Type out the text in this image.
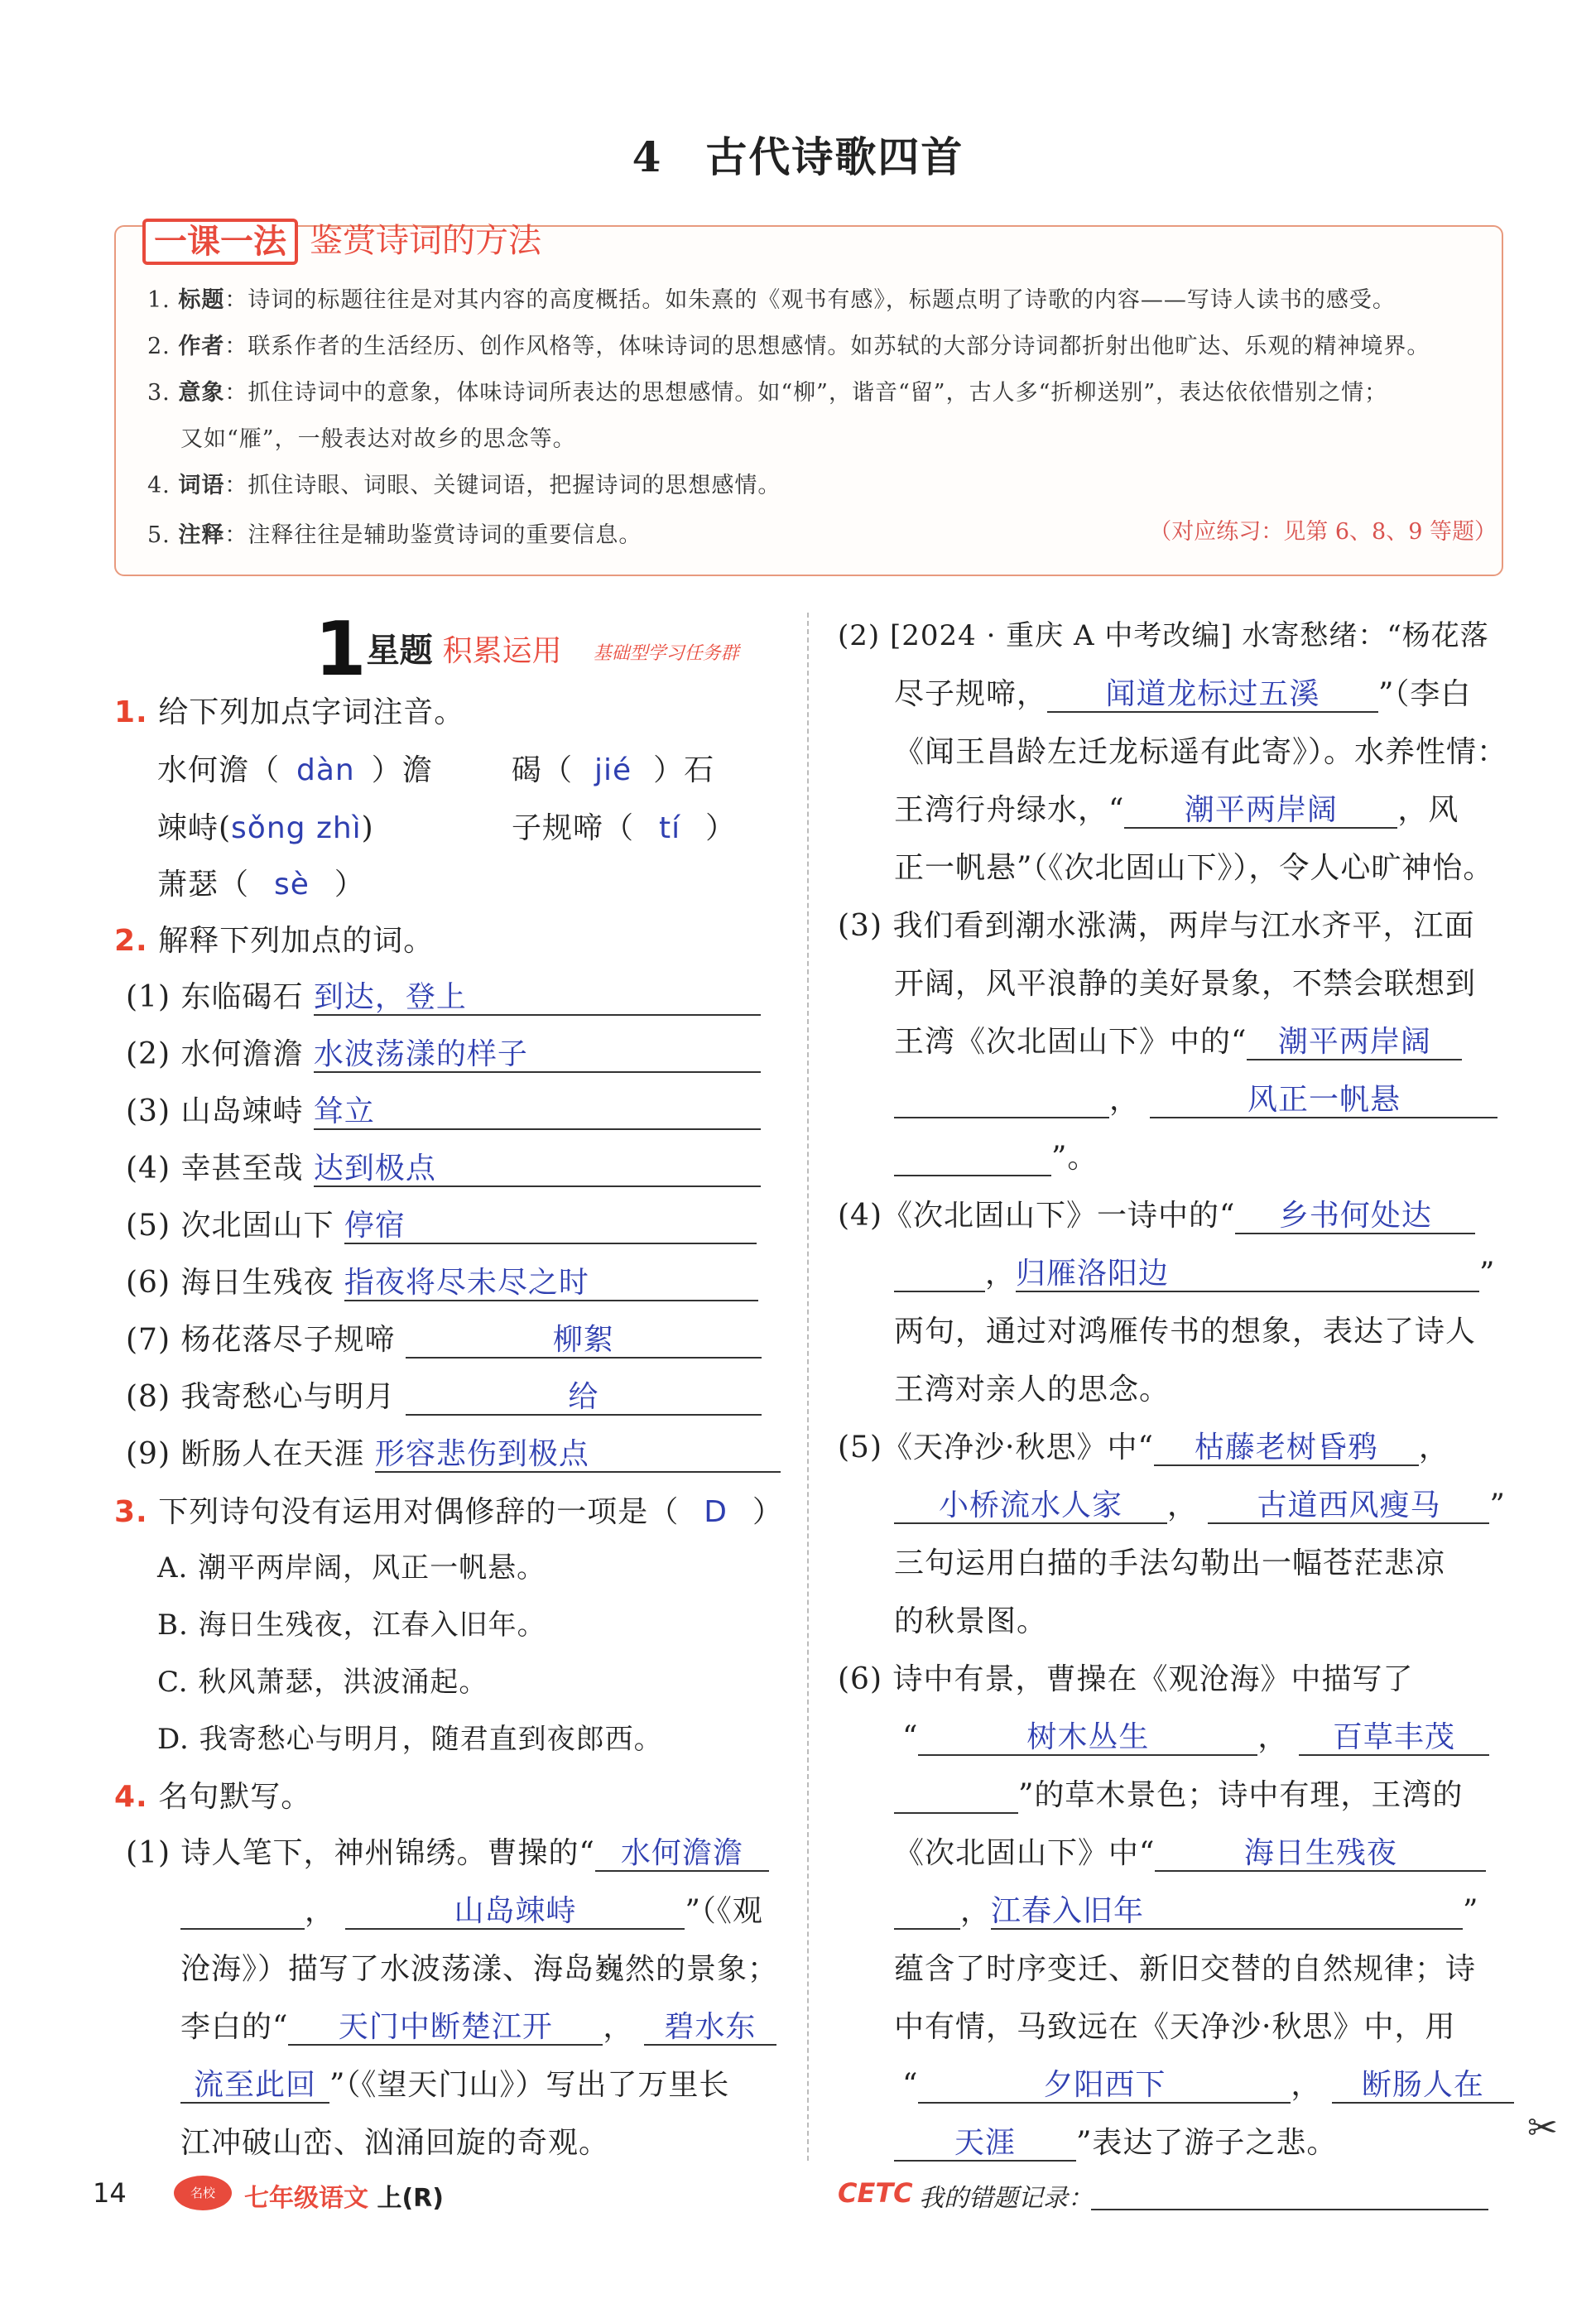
4　古代诗歌四首
一课一法 鉴赏诗词的方法
1. 标题：诗词的标题往往是对其内容的高度概括。如朱熹的《观书有感》，标题点明了诗歌的内容——写诗人读书的感受。
2. 作者：联系作者的生活经历、创作风格等，体味诗词的思想感情。如苏轼的大部分诗词都折射出他旷达、乐观的精神境界。
3. 意象：抓住诗词中的意象，体味诗词所表达的思想感情。如“柳”，谐音“留”，古人多“折柳送别”，表达依依惜别之情；
又如“雁”，一般表达对故乡的思念等。
4. 词语：抓住诗眼、词眼、关键词语，把握诗词的思想感情。
5. 注释：注释往往是辅助鉴赏诗词的重要信息。	（对应练习：见第 6、8、9 等题）
1星题 积累运用 基础型学习任务群
1. 给下列加点字词注音。
水何澹（ dàn ）澹	碣（ jié ）石
竦峙(sǒng zhì)	子规啼（ tí ）
萧瑟（ sè ）
2. 解释下列加点的词。
(1) 东临碣石 到达，登上
(2) 水何澹澹 水波荡漾的样子
(3) 山岛竦峙 耸立
(4) 幸甚至哉 达到极点
(5) 次北固山下 停宿
(6) 海日生残夜 指夜将尽未尽之时
(7) 杨花落尽子规啼	柳絮
(8) 我寄愁心与明月	给
(9) 断肠人在天涯 形容悲伤到极点
3. 下列诗句没有运用对偶修辞的一项是（ D ）
A. 潮平两岸阔，风正一帆悬。
B. 海日生残夜，江春入旧年。
C. 秋风萧瑟，洪波涌起。
D. 我寄愁心与明月，随君直到夜郎西。
4. 名句默写。
(1) 诗人笔下，神州锦绣。曹操的“ 水何澹澹
，	山岛竦峙	”（《观
沧海》）描写了水波荡漾、海岛巍然的景象；
李白的“ 天门中断楚江开 ， 碧水东
流至此回 ”（《望天门山》）写出了万里长
江冲破山峦、汹涌回旋的奇观。
(2) [2024 · 重庆 A 中考改编] 水寄愁绪：“杨花落
尽子规啼， 闻道龙标过五溪 ”（李白
《闻王昌龄左迁龙标遥有此寄》）。水养性情：
王湾行舟绿水，“ 潮平两岸阔 ，风
正一帆悬”（《次北固山下》），令人心旷神怡。
(3) 我们看到潮水涨满，两岸与江水齐平，江面
开阔，风平浪静的美好景象，不禁会联想到
王湾《次北固山下》中的“ 潮平两岸阔
，	风正一帆悬
”。
(4)《次北固山下》一诗中的“ 乡书何处达
，归雁洛阳边	”
两句，通过对鸿雁传书的想象，表达了诗人
王湾对亲人的思念。
(5)《天净沙·秋思》中“ 枯藤老树昏鸦 ，
小桥流水人家 ， 古道西风瘦马 ”
三句运用白描的手法勾勒出一幅苍茫悲凉
的秋景图。
(6) 诗中有景，曹操在《观沧海》中描写了
“	树木丛生	， 百草丰茂
”的草木景色；诗中有理，王湾的
《次北固山下》中“	海日生残夜
，江春入旧年	”
蕴含了时序变迁、新旧交替的自然规律；诗
中有情，马致远在《天净沙·秋思》中，用
“	夕阳西下	， 断肠人在
天涯 ”表达了游子之悲。	✂
14	名校	七年级语文 上(R)	CETC 我的错题记录：
